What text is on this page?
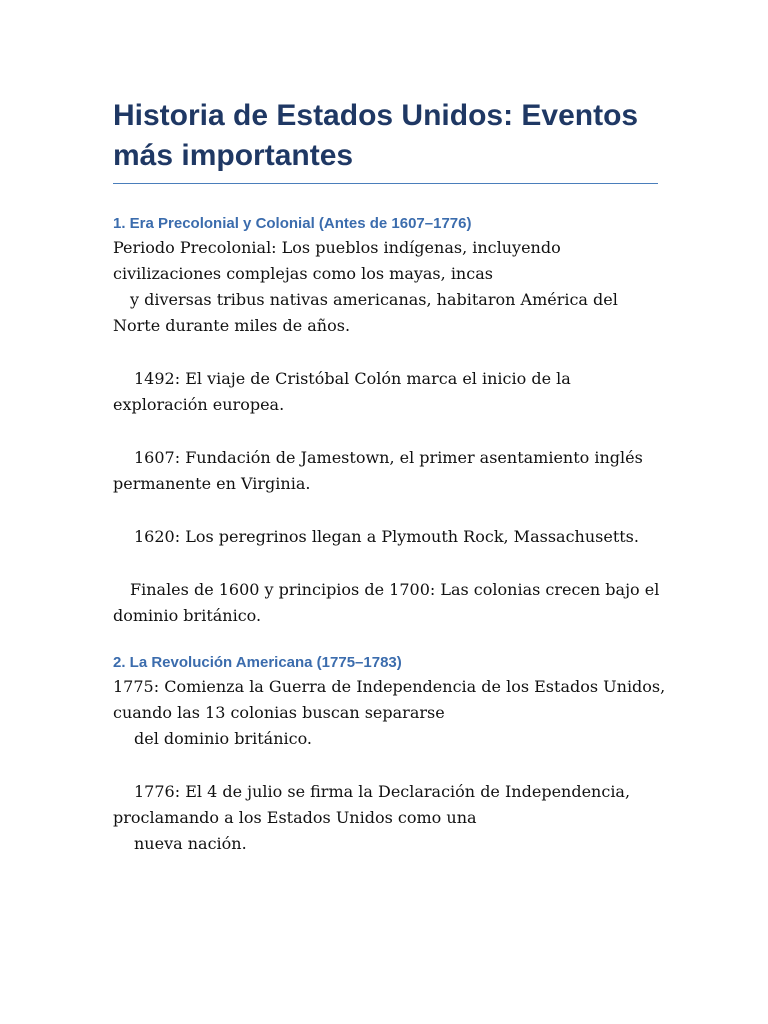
Historia de Estados Unidos: Eventos
más importantes
1. Era Precolonial y Colonial (Antes de 1607–1776)

Periodo Precolonial: Los pueblos indígenas, incluyendo
civilizaciones complejas como los mayas, incas
y diversas tribus nativas americanas, habitaron América del
Norte durante miles de años.

1492: El viaje de Cristóbal Colón marca el inicio de la
exploración europea.

1607: Fundación de Jamestown, el primer asentamiento inglés
permanente en Virginia.

1620: Los peregrinos llegan a Plymouth Rock, Massachusetts.

Finales de 1600 y principios de 1700: Las colonias crecen bajo el
dominio británico.

2. La Revolución Americana (1775–1783)

1775: Comienza la Guerra de Independencia de los Estados Unidos,
cuando las 13 colonias buscan separarse
del dominio británico.

1776: El 4 de julio se firma la Declaración de Independencia,
proclamando a los Estados Unidos como una
nueva nación.
